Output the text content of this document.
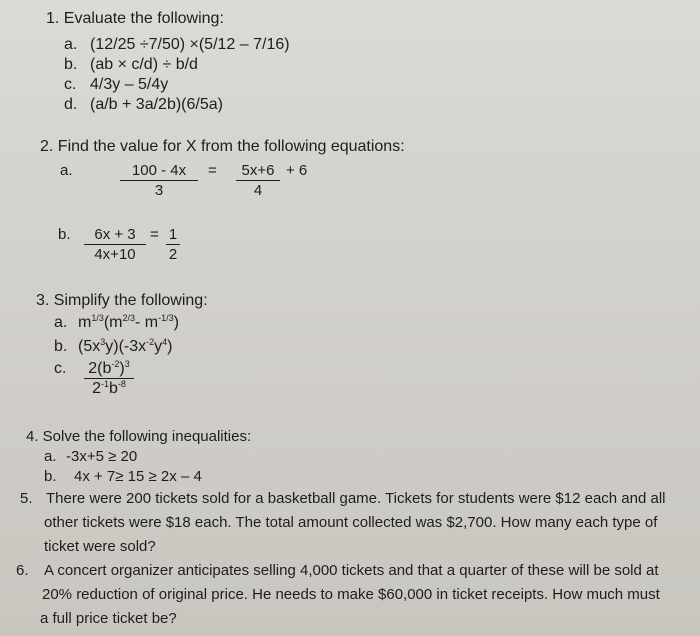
1. Evaluate the following:
a. (12/25 ÷7/50) ×(5/12 – 7/16)
b. (ab × c/d) ÷ b/d
c. 4/3y – 5/4y
d. (a/b + 3a/2b)(6/5a)
2. Find the value for X from the following equations:
a.	$\frac{100 - 4x}{3} = \frac{5x+6}{4} + 6$
b. $\frac{6x + 3}{4x+10} = \frac{1}{2}$
3. Simplify the following:
a. $m^{1/3}(m^{2/3}-$ $m^{-1/3}$)
b. $(5x^3y)(-3x^{-2}y^4)$
c. $\frac{2(b^{-2})^3}{2^{-1}b^{-8}}$
4. Solve the following inequalities:
a. -3x+5 ≥ 20
b. 4x + 7≥ 15 ≥ 2x – 4
5. There were 200 tickets sold for a basketball game. Tickets for students were $12 each and all
other tickets were $18 each. The total amount collected was $2,700. How many each type of
ticket were sold?
6. A concert organizer anticipates selling 4,000 tickets and that a quarter of these will be sold at
20% reduction of original price. He needs to make $60,000 in ticket receipts. How much must
a full price ticket be?
